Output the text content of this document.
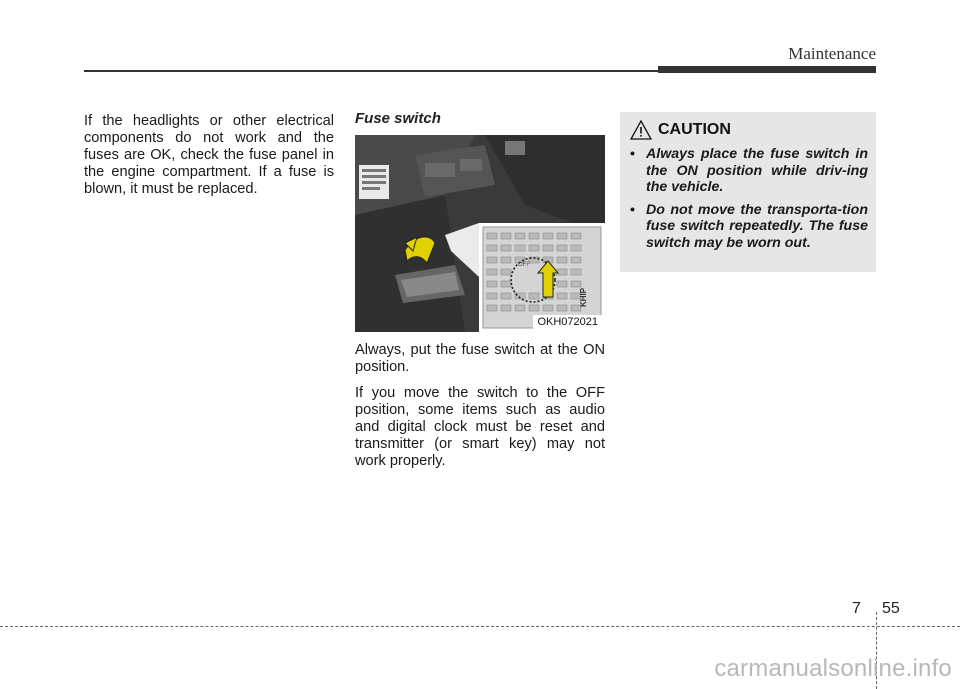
Maintenance

If the headlights or other electrical components do not work and the fuses are OK, check the fuse panel in the engine compartment. If a fuse is blown, it must be replaced.

Fuse switch
OFF
KHIP
OKH072021

Always, put the fuse switch at the ON position.

If you move the switch to the OFF position, some items such as audio and digital clock must be reset and transmitter (or smart key) may not work properly.

CAUTION
• Always place the fuse switch in the ON position while driv-ing the vehicle.
• Do not move the transporta-tion fuse switch repeatedly. The fuse switch may be worn out.
7 55
carmanualsonline.info
